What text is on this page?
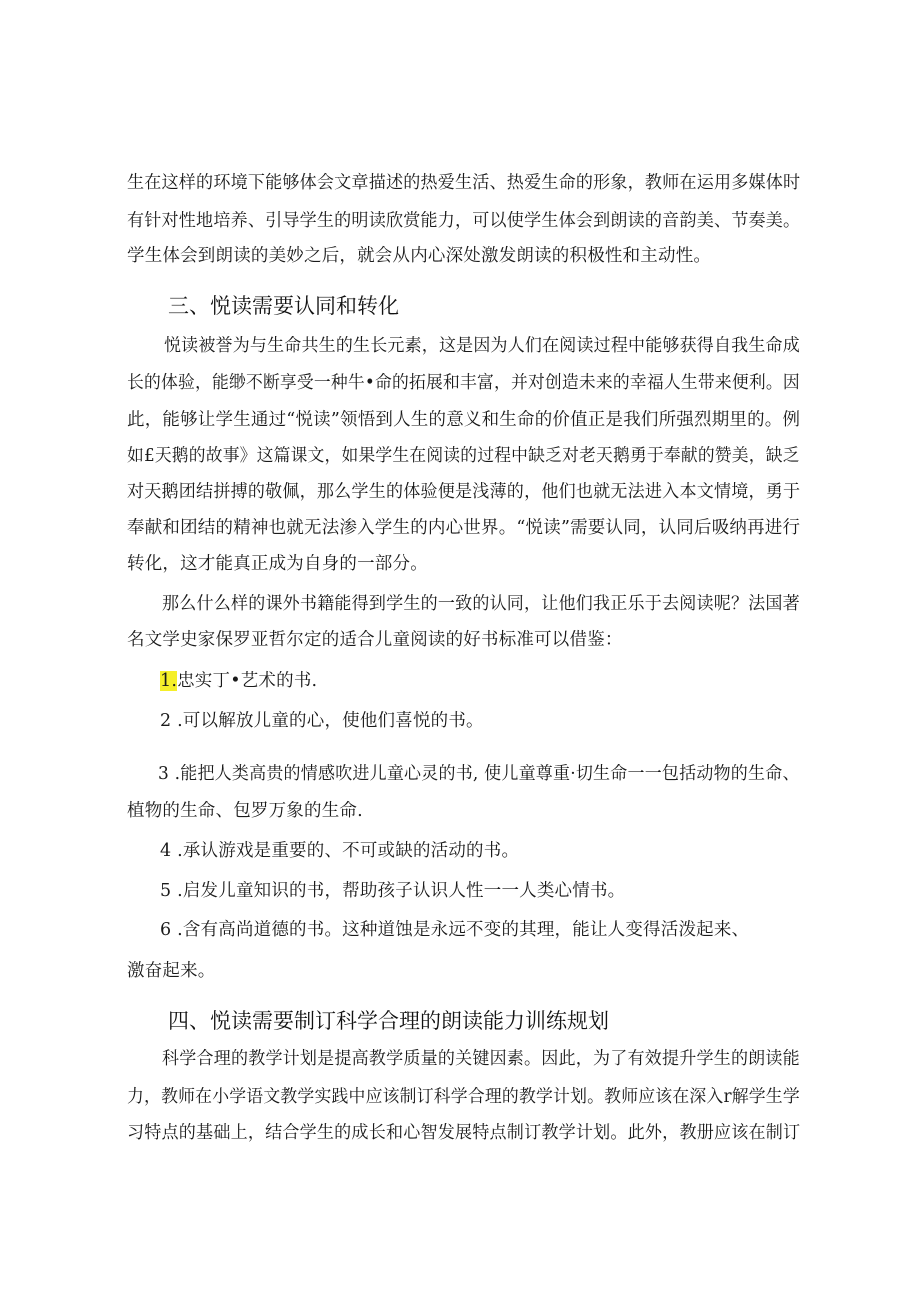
生在这样的环境下能够体会文章描述的热爱生活、热爱生命的形象，教师在运用多媒体时
有针对性地培养、引导学生的明读欣赏能力，可以使学生体会到朗读的音韵美、节奏美。
学生体会到朗读的美妙之后，就会从内心深处激发朗读的积极性和主动性。
三、悦读需要认同和转化
悦读被誉为与生命共生的生长元素，这是因为人们在阅读过程中能够获得自我生命成
长的体验，能缈不断享受一种牛•命的拓展和丰富，并对创造未来的幸福人生带来便利。因
此，能够让学生通过“悦读”领悟到人生的意义和生命的价值正是我们所强烈期里的。例
如£天鹅的故事》这篇课文，如果学生在阅读的过程中缺乏对老天鹅勇于奉献的赞美，缺乏
对天鹅团结拼搏的敬佩，那么学生的体验便是浅薄的，他们也就无法进入本文情境，勇于
奉献和团结的精神也就无法渗入学生的内心世界。“悦读”需要认同，认同后吸纳再进行
转化，这才能真正成为自身的一部分。
那么什么样的课外书籍能得到学生的一致的认同，让他们我正乐于去阅读呢？法国著
名文学史家保罗亚哲尔定的适合儿童阅读的好书标准可以借鉴：
1.忠实丁•艺术的书.
2 .可以解放儿童的心，使他们喜悦的书。
3 .能把人类高贵的情感吹进儿童心灵的书, 使儿童尊重·切生命一一包括动物的生命、
植物的生命、包罗万象的生命.
4 .承认游戏是重要的、不可或缺的活动的书。
5 .启发儿童知识的书，帮助孩子认识人性一一人类心情书。
6 .含有高尚道德的书。这种道蚀是永远不变的其理，能让人变得活泼起来、
激奋起来。
四、悦读需要制订科学合理的朗读能力训练规划
科学合理的教学计划是提高教学质量的关键因素。因此，为了有效提升学生的朗读能
力，教师在小学语文教学实践中应该制订科学合理的教学计划。教师应该在深入r解学生学
习特点的基础上，结合学生的成长和心智发展特点制订教学计划。此外，教册应该在制订
